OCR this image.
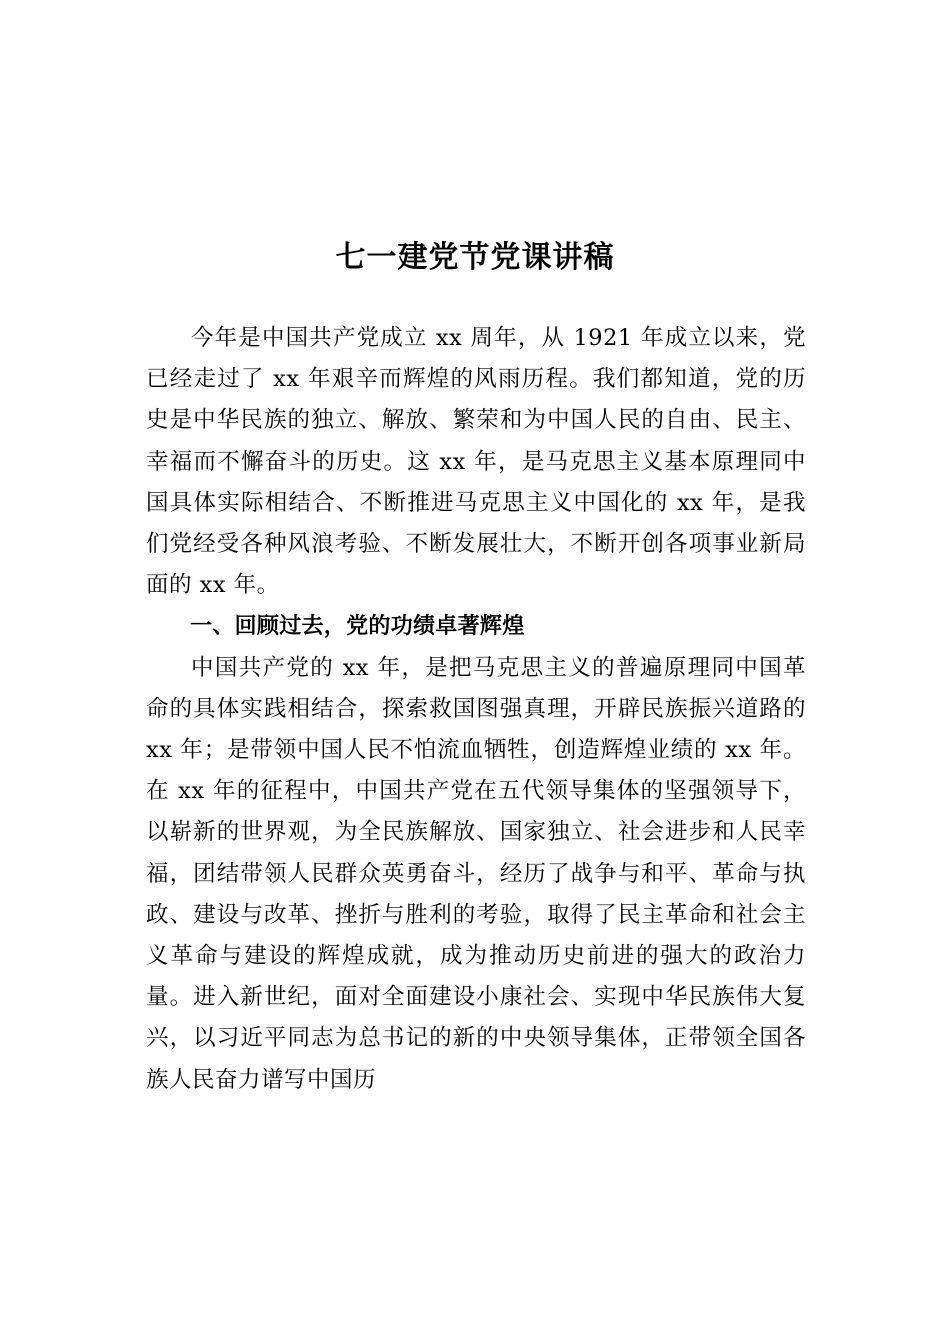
七一建党节党课讲稿

今年是中国共产党成立 xx 周年，从 1921 年成立以来，党已经走过了 xx 年艰辛而辉煌的风雨历程。我们都知道，党的历史是中华民族的独立、解放、繁荣和为中国人民的自由、民主、幸福而不懈奋斗的历史。这 xx 年，是马克思主义基本原理同中国具体实际相结合、不断推进马克思主义中国化的 xx 年，是我们党经受各种风浪考验、不断发展壮大，不断开创各项事业新局面的 xx 年。

一、回顾过去，党的功绩卓著辉煌

中国共产党的 xx 年，是把马克思主义的普遍原理同中国革命的具体实践相结合，探索救国图强真理，开辟民族振兴道路的 xx 年；是带领中国人民不怕流血牺牲，创造辉煌业绩的 xx 年。在 xx 年的征程中，中国共产党在五代领导集体的坚强领导下，以崭新的世界观，为全民族解放、国家独立、社会进步和人民幸福，团结带领人民群众英勇奋斗，经历了战争与和平、革命与执政、建设与改革、挫折与胜利的考验，取得了民主革命和社会主义革命与建设的辉煌成就，成为推动历史前进的强大的政治力量。进入新世纪，面对全面建设小康社会、实现中华民族伟大复兴，以习近平同志为总书记的新的中央领导集体，正带领全国各族人民奋力谱写中国历
